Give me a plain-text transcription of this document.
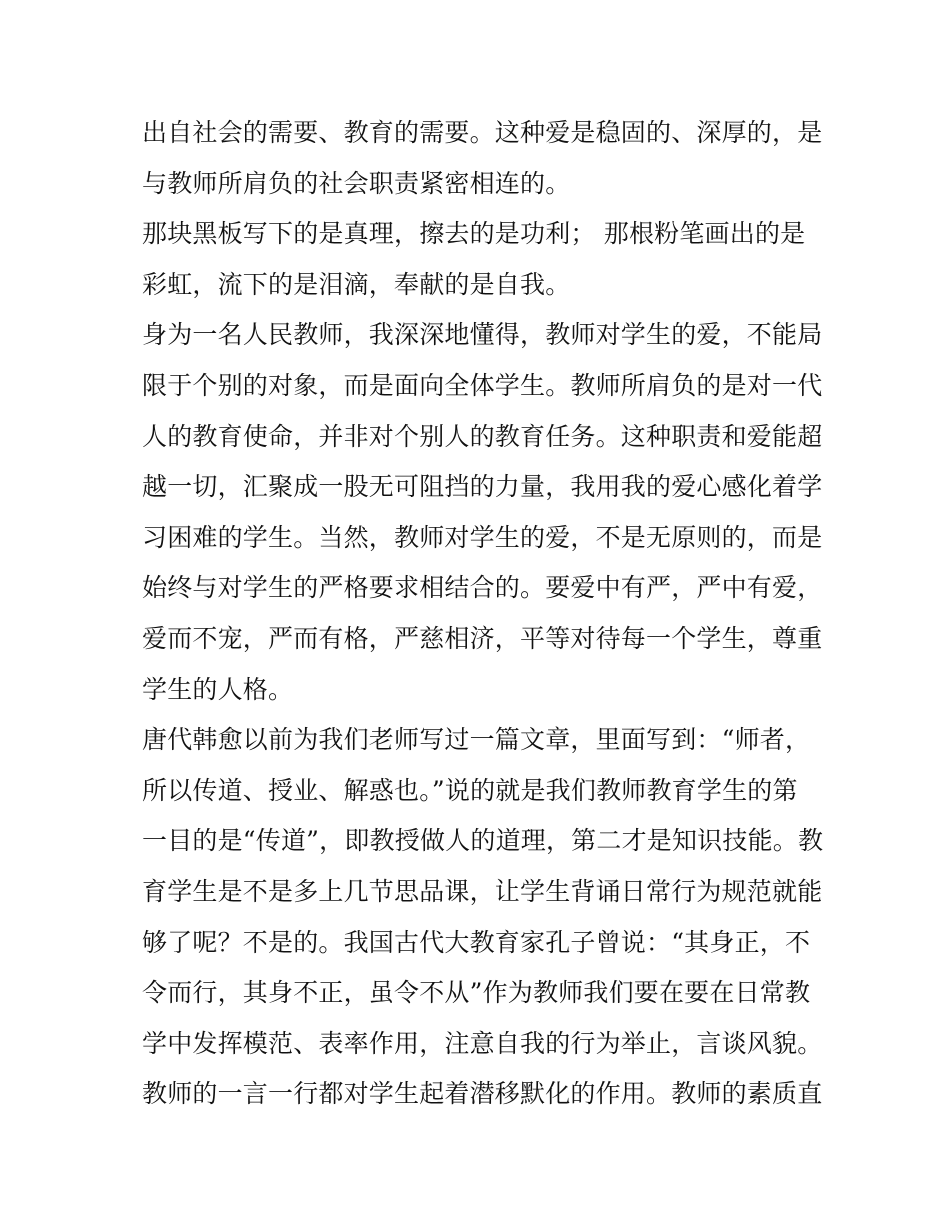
出自社会的需要、教育的需要。这种爱是稳固的、深厚的，是
与教师所肩负的社会职责紧密相连的。
那块黑板写下的是真理，擦去的是功利； 那根粉笔画出的是
彩虹，流下的是泪滴，奉献的是自我。
身为一名人民教师，我深深地懂得，教师对学生的爱，不能局
限于个别的对象，而是面向全体学生。教师所肩负的是对一代
人的教育使命，并非对个别人的教育任务。这种职责和爱能超
越一切，汇聚成一股无可阻挡的力量，我用我的爱心感化着学
习困难的学生。当然，教师对学生的爱，不是无原则的，而是
始终与对学生的严格要求相结合的。要爱中有严，严中有爱，
爱而不宠，严而有格，严慈相济，平等对待每一个学生，尊重
学生的人格。
唐代韩愈以前为我们老师写过一篇文章，里面写到：“师者，
所以传道、授业、解惑也。”说的就是我们教师教育学生的第
一目的是“传道”，即教授做人的道理，第二才是知识技能。教
育学生是不是多上几节思品课，让学生背诵日常行为规范就能
够了呢？不是的。我国古代大教育家孔子曾说：“其身正，不
令而行，其身不正，虽令不从”作为教师我们要在要在日常教
学中发挥模范、表率作用，注意自我的行为举止，言谈风貌。
教师的一言一行都对学生起着潜移默化的作用。教师的素质直
